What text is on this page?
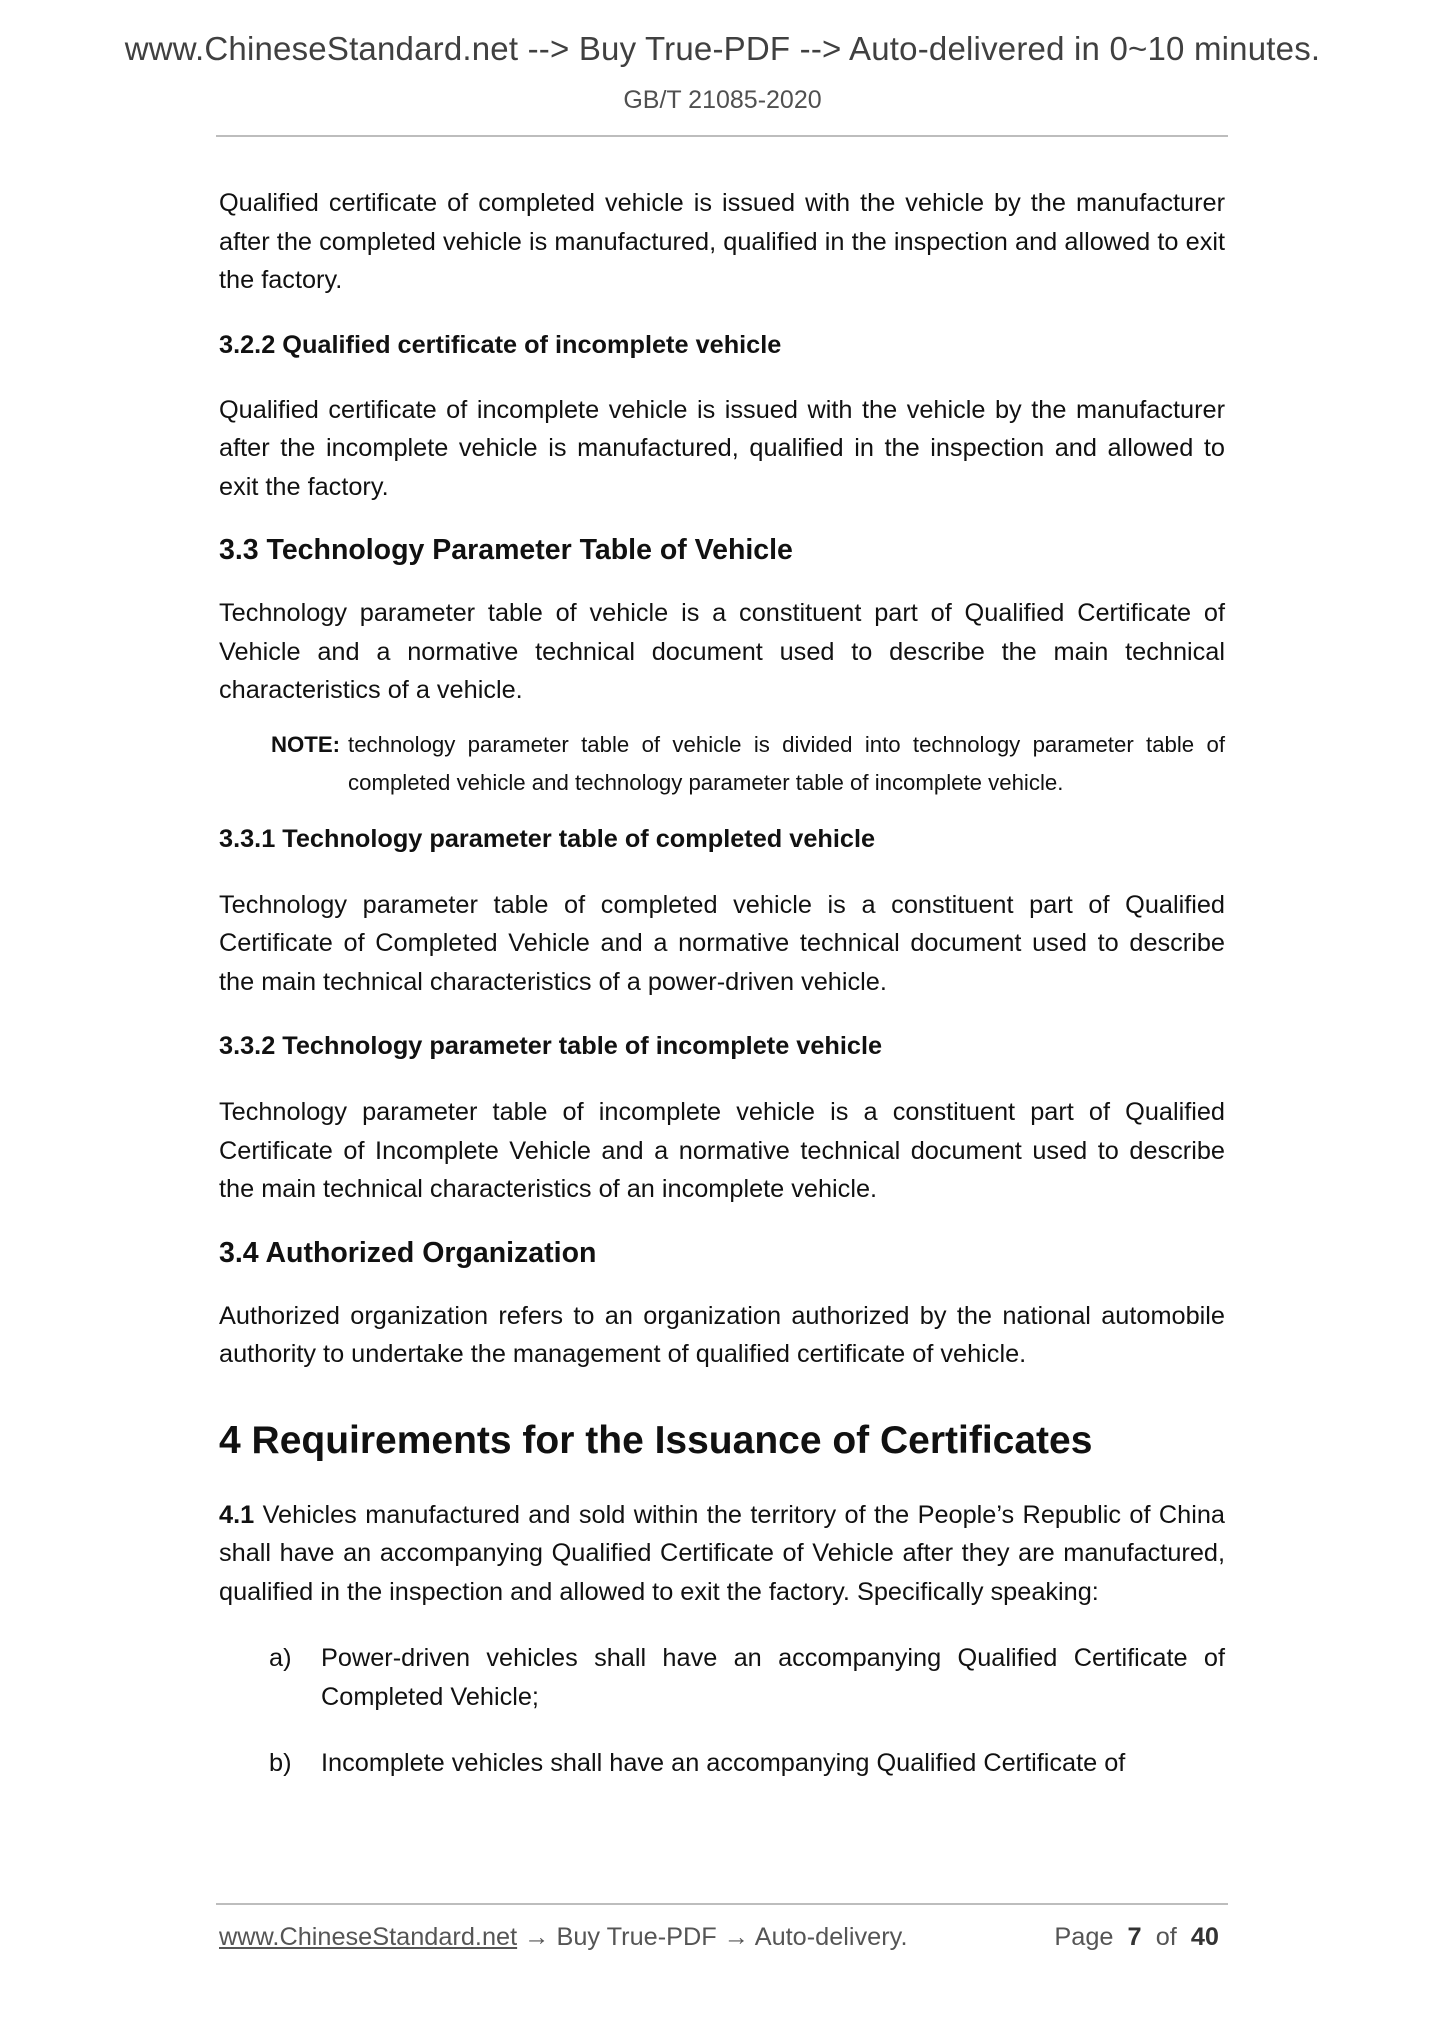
www.ChineseStandard.net --> Buy True-PDF --> Auto-delivered in 0~10 minutes.
GB/T 21085-2020

Qualified certificate of completed vehicle is issued with the vehicle by the manufacturer after the completed vehicle is manufactured, qualified in the inspection and allowed to exit the factory.

3.2.2 Qualified certificate of incomplete vehicle

Qualified certificate of incomplete vehicle is issued with the vehicle by the manufacturer after the incomplete vehicle is manufactured, qualified in the inspection and allowed to exit the factory.

3.3 Technology Parameter Table of Vehicle

Technology parameter table of vehicle is a constituent part of Qualified Certificate of Vehicle and a normative technical document used to describe the main technical characteristics of a vehicle.

NOTE: technology parameter table of vehicle is divided into technology parameter table of completed vehicle and technology parameter table of incomplete vehicle.
3.3.1 Technology parameter table of completed vehicle

Technology parameter table of completed vehicle is a constituent part of Qualified Certificate of Completed Vehicle and a normative technical document used to describe the main technical characteristics of a power-driven vehicle.

3.3.2 Technology parameter table of incomplete vehicle

Technology parameter table of incomplete vehicle is a constituent part of Qualified Certificate of Incomplete Vehicle and a normative technical document used to describe the main technical characteristics of an incomplete vehicle.

3.4 Authorized Organization

Authorized organization refers to an organization authorized by the national automobile authority to undertake the management of qualified certificate of vehicle.

4 Requirements for the Issuance of Certificates

4.1 Vehicles manufactured and sold within the territory of the People’s Republic of China shall have an accompanying Qualified Certificate of Vehicle after they are manufactured, qualified in the inspection and allowed to exit the factory. Specifically speaking:

a)	Power-driven vehicles shall have an accompanying Qualified Certificate of Completed Vehicle;
b)	Incomplete vehicles shall have an accompanying Qualified Certificate of
www.ChineseStandard.net → Buy True-PDF → Auto-delivery.	Page 7 of 40
